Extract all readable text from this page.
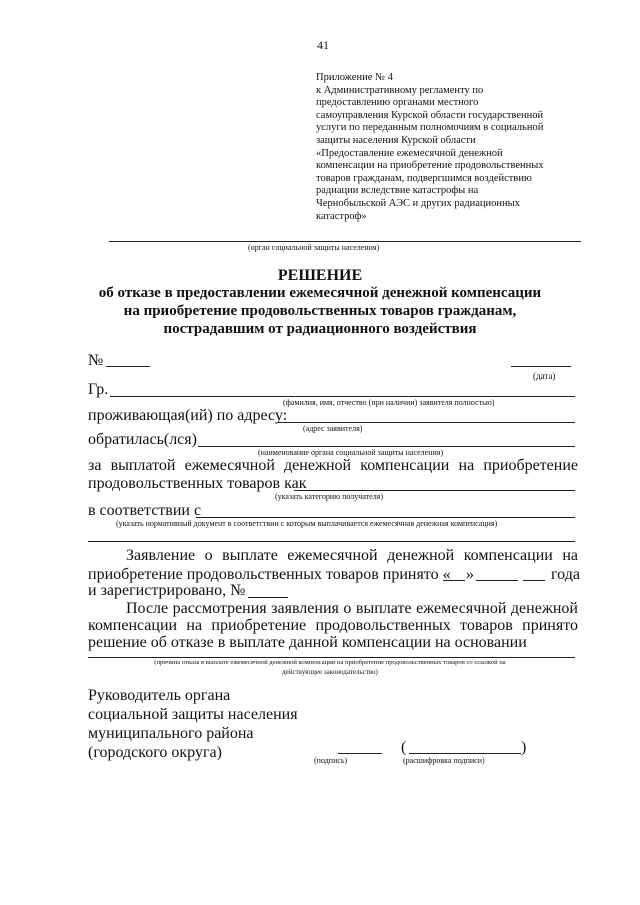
41
Приложение № 4
к Административному регламенту по
предоставлению органами местного
самоуправления Курской области государственной
услуги по переданным полномочиям в социальной
защиты населения Курской области
«Предоставление ежемесячной денежной
компенсации на приобретение продовольственных
товаров гражданам, подвергшимся воздействию
радиации вследствие катастрофы на
Чернобыльской АЭС и других радиационных
катастроф»
(орган социальной защиты населения)
РЕШЕНИЕ
об отказе в предоставлении ежемесячной денежной компенсации
на приобретение продовольственных товаров гражданам,
пострадавшим от радиационного воздействия
№
(дата)
Гр.
(фамилия, имя, отчество (при наличии) заявителя полностью)
проживающая(ий) по адресу:
(адрес заявителя)
обратилась(лся)
(наименование органа социальной защиты населения)
за выплатой ежемесячной денежной компенсации на приобретение
продовольственных товаров как
(указать категорию получателя)
в соответствии с
(указать нормативный документ в соответствии с которым выплачивается ежемесячная денежная компенсация)
Заявление о выплате ежемесячной денежной компенсации на
приобретение продовольственных товаров принято « »	года
и зарегистрировано, №
После рассмотрения заявления о выплате ежемесячной денежной
компенсации на приобретение продовольственных товаров принято
решение об отказе в выплате данной компенсации на основании
(причина отказа в выплате ежемесячной денежной компенсации на приобретение продовольственных товаров со ссылкой на
действующее законодательство)
Руководитель органа
социальной защиты населения
муниципального района
(городского округа)	(	)
(подпись)	(расшифровка подписи)
